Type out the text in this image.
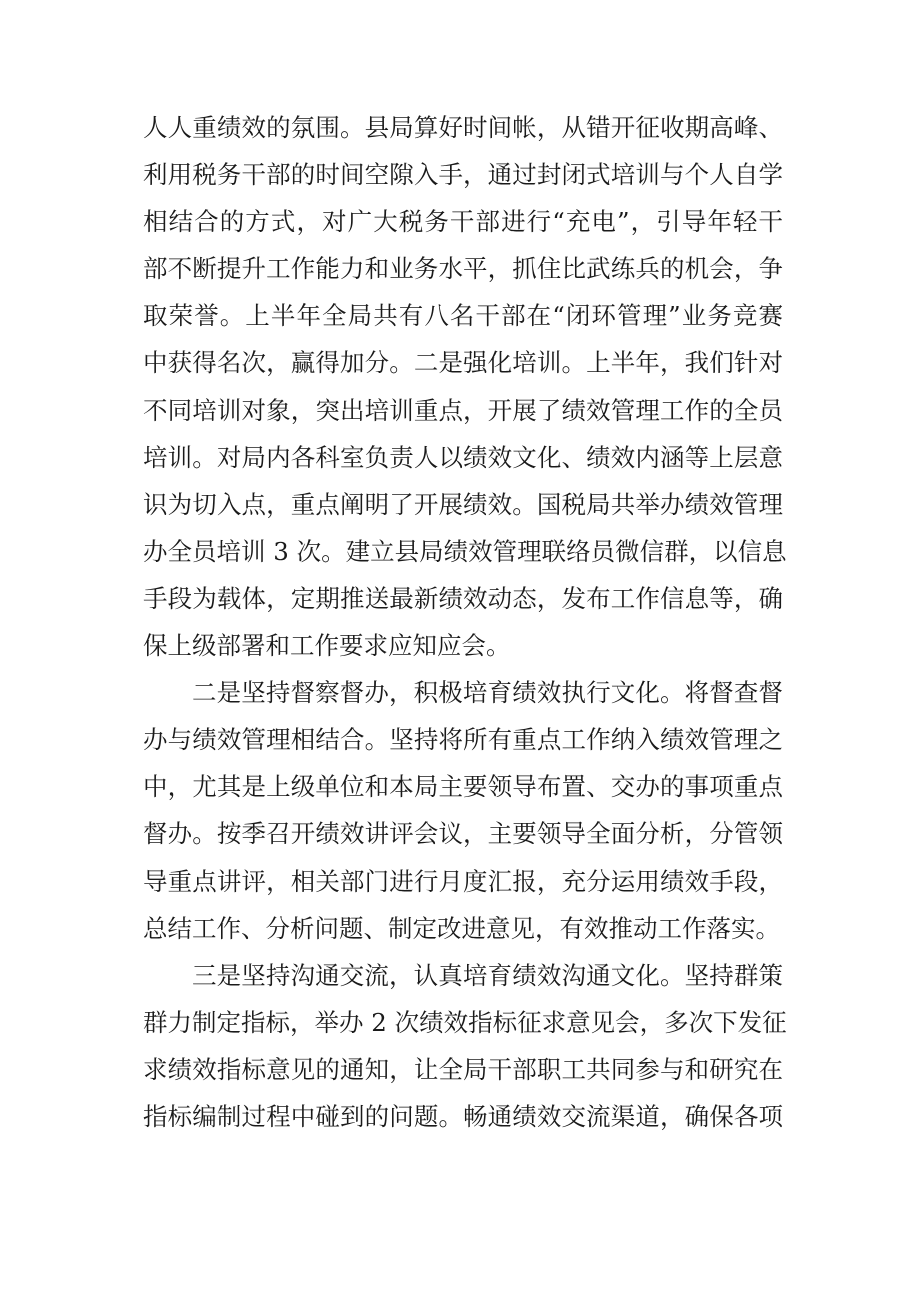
人人重绩效的氛围。县局算好时间帐，从错开征收期高峰、
利用税务干部的时间空隙入手，通过封闭式培训与个人自学
相结合的方式，对广大税务干部进行“充电”，引导年轻干
部不断提升工作能力和业务水平，抓住比武练兵的机会，争
取荣誉。上半年全局共有八名干部在“闭环管理”业务竞赛
中获得名次，赢得加分。二是强化培训。上半年，我们针对
不同培训对象，突出培训重点，开展了绩效管理工作的全员
培训。对局内各科室负责人以绩效文化、绩效内涵等上层意
识为切入点，重点阐明了开展绩效。国税局共举办绩效管理
办全员培训 3 次。建立县局绩效管理联络员微信群，以信息
手段为载体，定期推送最新绩效动态，发布工作信息等，确
保上级部署和工作要求应知应会。
二是坚持督察督办，积极培育绩效执行文化。将督查督
办与绩效管理相结合。坚持将所有重点工作纳入绩效管理之
中，尤其是上级单位和本局主要领导布置、交办的事项重点
督办。按季召开绩效讲评会议，主要领导全面分析，分管领
导重点讲评，相关部门进行月度汇报，充分运用绩效手段，
总结工作、分析问题、制定改进意见，有效推动工作落实。
三是坚持沟通交流，认真培育绩效沟通文化。坚持群策
群力制定指标，举办 2 次绩效指标征求意见会，多次下发征
求绩效指标意见的通知，让全局干部职工共同参与和研究在
指标编制过程中碰到的问题。畅通绩效交流渠道，确保各项
